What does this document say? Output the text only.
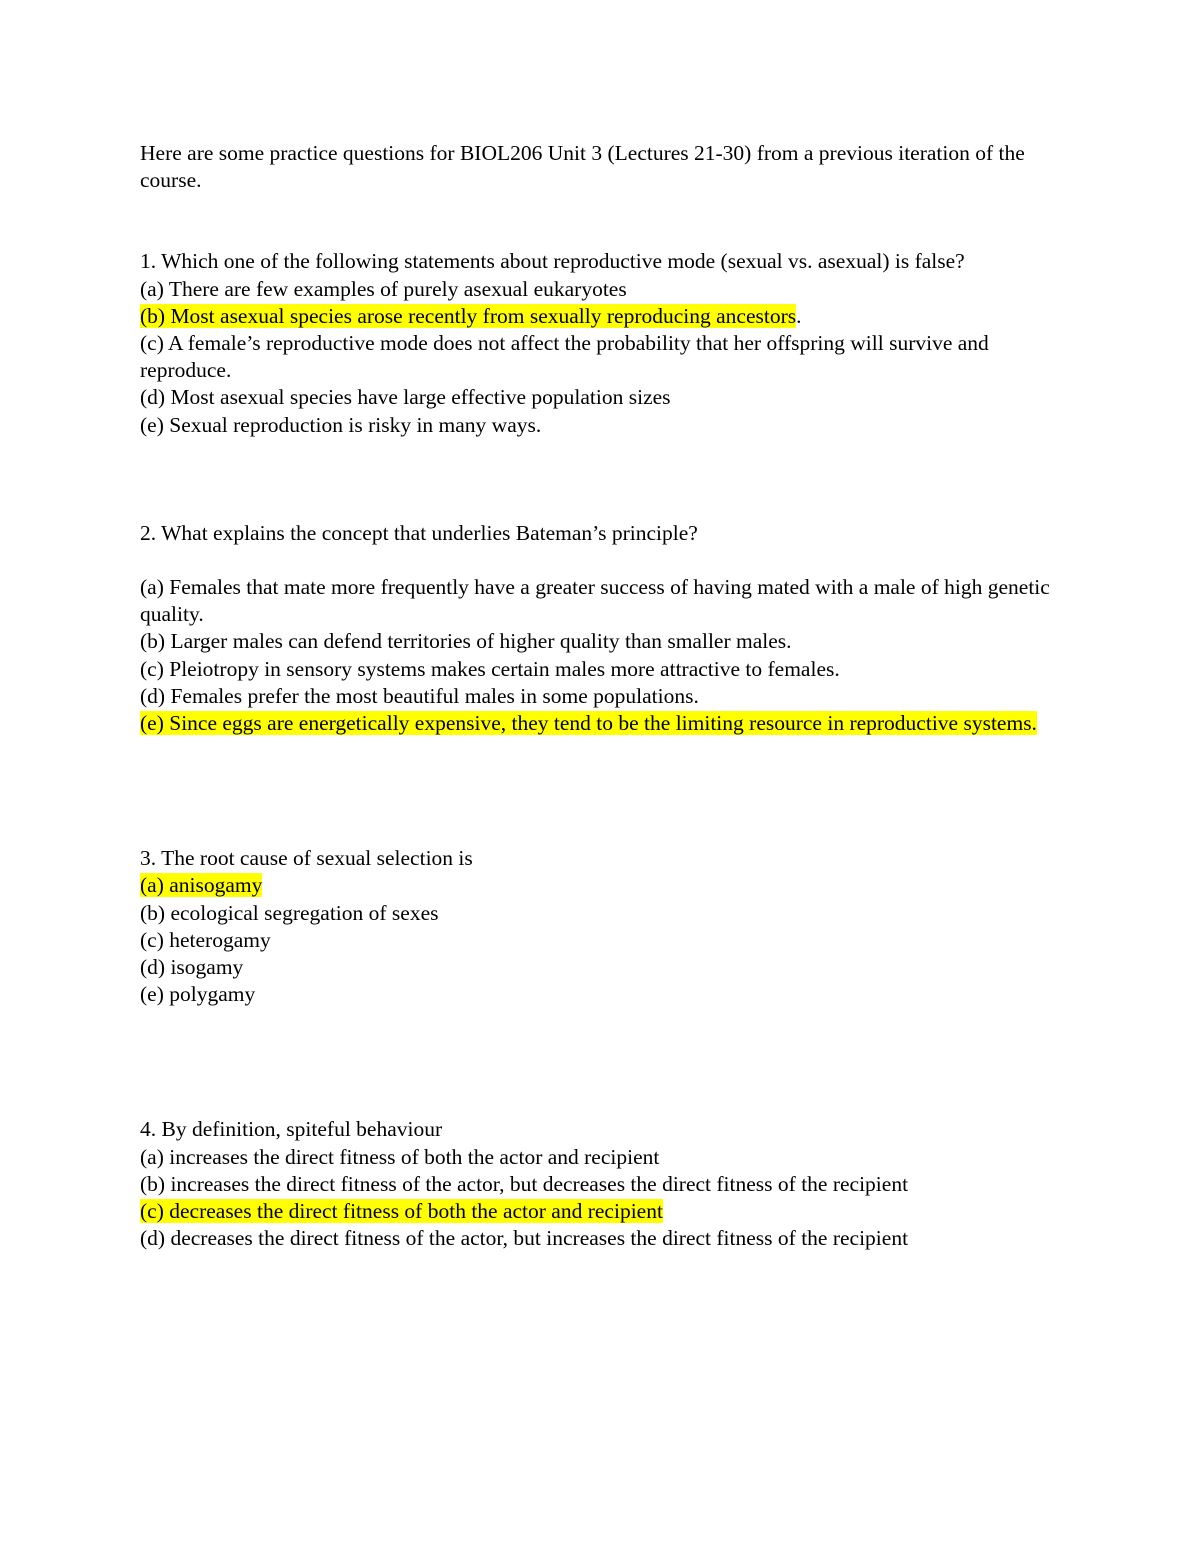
Here are some practice questions for BIOL206 Unit 3 (Lectures 21-30) from a previous iteration of the course.

1. Which one of the following statements about reproductive mode (sexual vs. asexual) is false?

(a) There are few examples of purely asexual eukaryotes

(b) Most asexual species arose recently from sexually reproducing ancestors.

(c) A female’s reproductive mode does not affect the probability that her offspring will survive and reproduce.

(d) Most asexual species have large effective population sizes

(e) Sexual reproduction is risky in many ways.

2. What explains the concept that underlies Bateman’s principle?

(a) Females that mate more frequently have a greater success of having mated with a male of high genetic quality.

(b) Larger males can defend territories of higher quality than smaller males.

(c) Pleiotropy in sensory systems makes certain males more attractive to females.

(d) Females prefer the most beautiful males in some populations.

(e) Since eggs are energetically expensive, they tend to be the limiting resource in reproductive systems.

3. The root cause of sexual selection is

(a) anisogamy

(b) ecological segregation of sexes

(c) heterogamy

(d) isogamy

(e) polygamy

4. By definition, spiteful behaviour

(a) increases the direct fitness of both the actor and recipient

(b) increases the direct fitness of the actor, but decreases the direct fitness of the recipient

(c) decreases the direct fitness of both the actor and recipient

(d) decreases the direct fitness of the actor, but increases the direct fitness of the recipient
